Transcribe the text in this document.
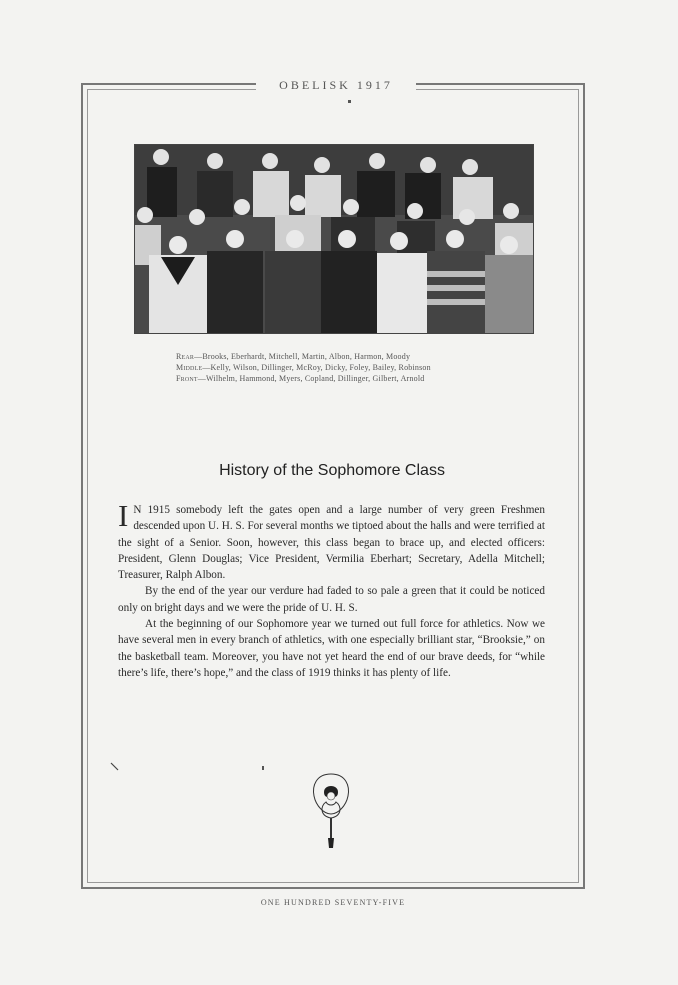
OBELISK 1917
Rear—Brooks, Eberhardt, Mitchell, Martin, Albon, Harmon, Moody
Middle—Kelly, Wilson, Dillinger, McRoy, Dicky, Foley, Bailey, Robinson
Front—Wilhelm, Hammond, Myers, Copland, Dillinger, Gilbert, Arnold
History of the Sophomore Class

I N 1915 somebody left the gates open and a large number of very green Freshmen descended upon U. H. S. For several months we tiptoed about the halls and were terrified at the sight of a Senior. Soon, however, this class began to brace up, and elected officers: President, Glenn Douglas; Vice President, Vermilia Eberhart; Secretary, Adella Mitchell; Treasurer, Ralph Albon.

By the end of the year our verdure had faded to so pale a green that it could be noticed only on bright days and we were the pride of U. H. S.

At the beginning of our Sophomore year we turned out full force for athletics. Now we have several men in every branch of athletics, with one especially brilliant star, “Brooksie,” on the basketball team. Moreover, you have not yet heard the end of our brave deeds, for “while there’s life, there’s hope,” and the class of 1919 thinks it has plenty of life.

ONE HUNDRED SEVENTY-FIVE
